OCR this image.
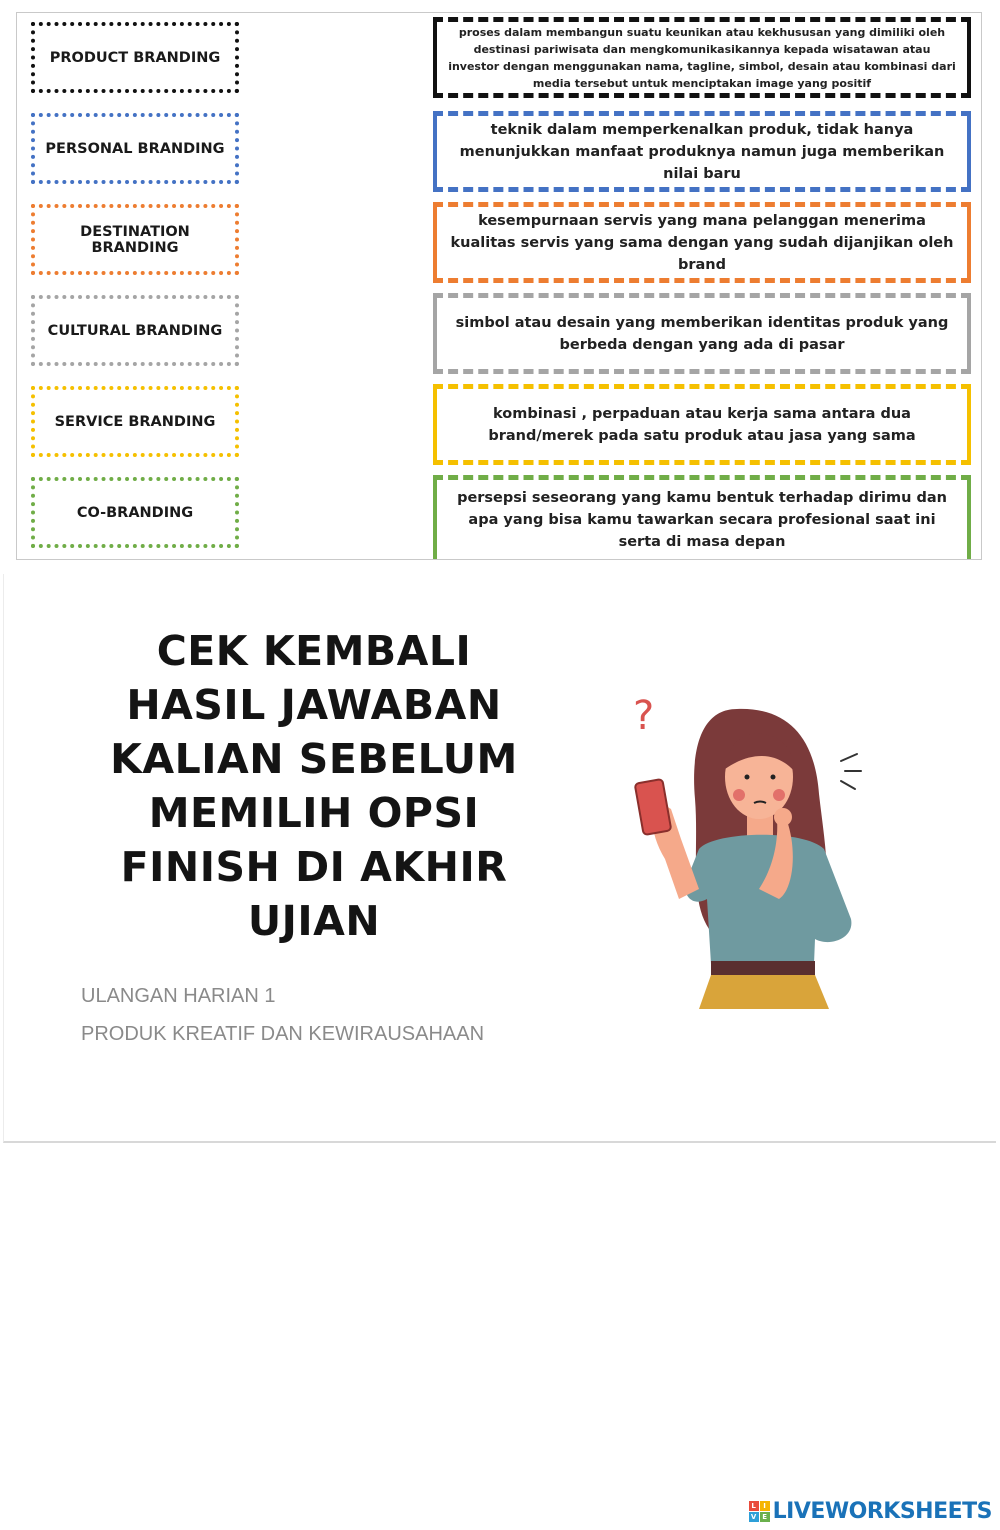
PRODUCT BRANDING
PERSONAL BRANDING
DESTINATION BRANDING
CULTURAL BRANDING
SERVICE BRANDING
CO-BRANDING
proses dalam membangun suatu keunikan atau kekhususan yang dimiliki oleh destinasi pariwisata dan mengkomunikasikannya kepada wisatawan atau investor dengan menggunakan nama, tagline, simbol, desain atau kombinasi dari media tersebut untuk menciptakan image yang positif
teknik dalam memperkenalkan produk, tidak hanya menunjukkan manfaat produknya namun juga memberikan nilai baru
kesempurnaan servis yang mana pelanggan menerima kualitas servis yang sama dengan yang sudah dijanjikan oleh brand
simbol atau desain yang memberikan identitas produk yang berbeda dengan yang ada di pasar
kombinasi , perpaduan atau kerja sama antara dua brand/merek pada satu produk atau jasa yang sama
persepsi seseorang yang kamu bentuk terhadap dirimu dan apa yang bisa kamu tawarkan secara profesional saat ini serta di masa depan
CEK KEMBALI HASIL JAWABAN KALIAN SEBELUM MEMILIH OPSI FINISH DI AKHIR UJIAN

ULANGAN HARIAN 1

PRODUK KREATIF DAN KEWIRAUSAHAAN

?
L	I
V E LIVEWORKSHEETS
